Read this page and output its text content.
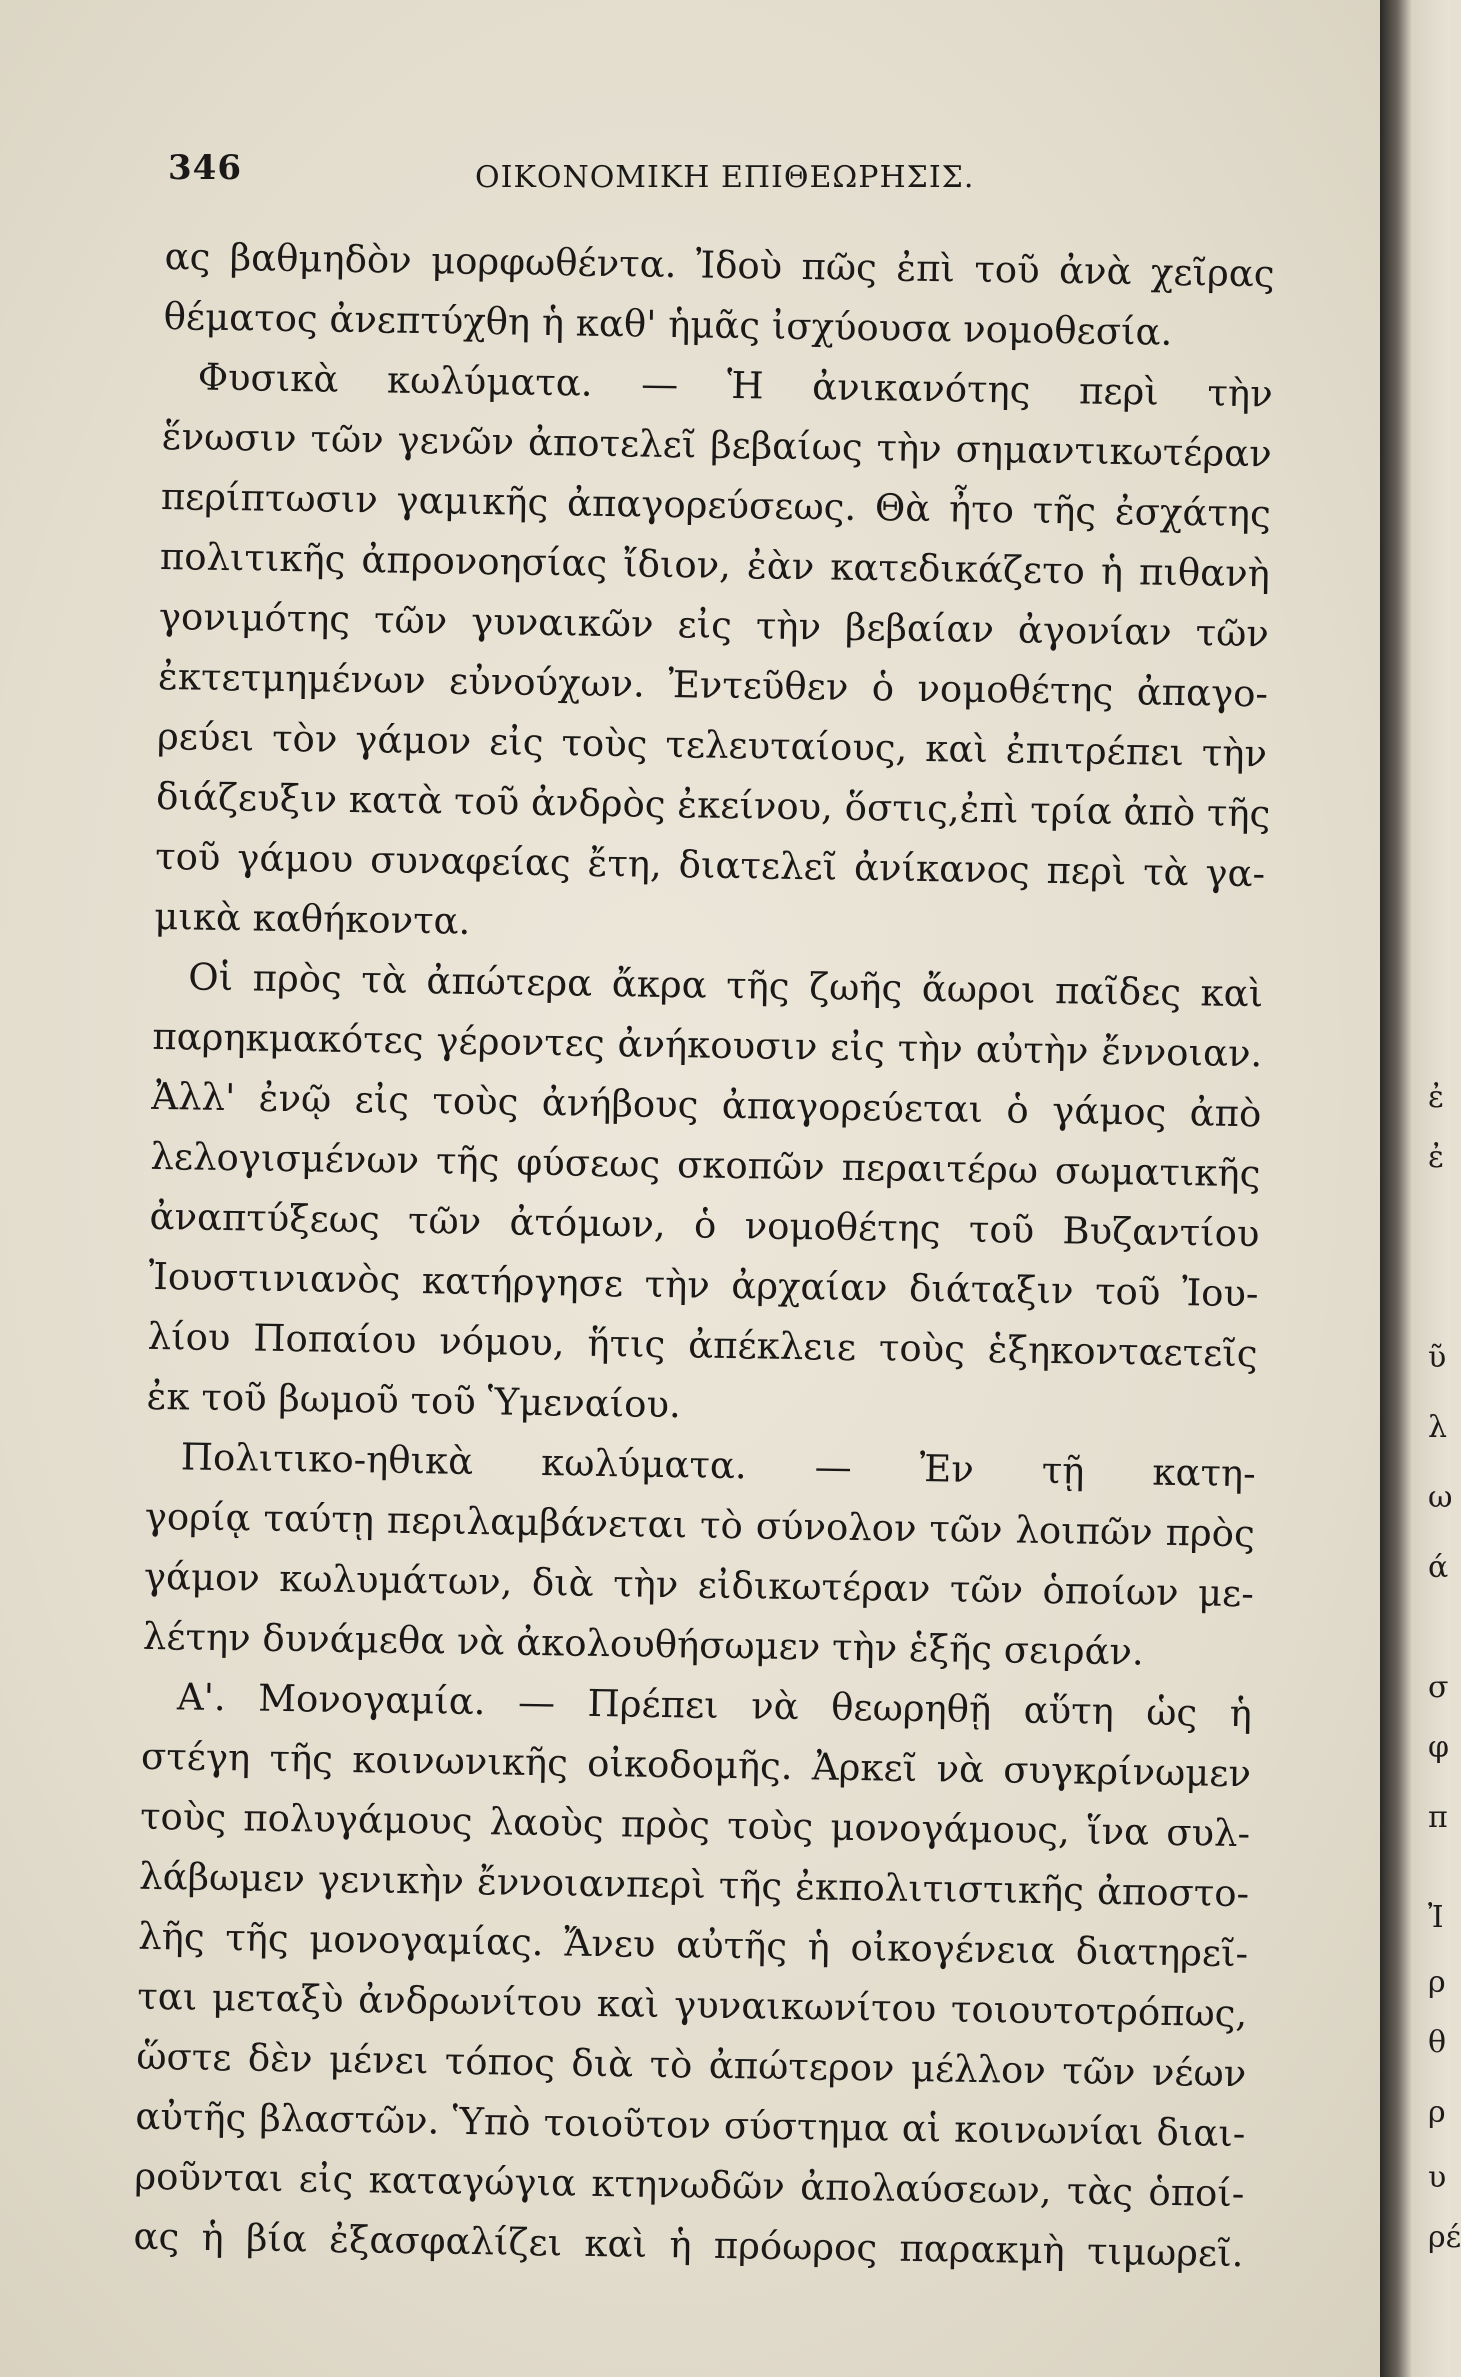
346	ΟΙΚΟΝΟΜΙΚΗ ΕΠΙΘΕΩΡΗΣΙΣ.
ας βαθμηδὸν μορφωθέντα. Ἰδοὺ πῶς ἐπὶ τοῦ ἀνὰ χεῖρας
θέματος ἀνεπτύχθη ἡ καθ' ἡμᾶς ἰσχύουσα νομοθεσία.
Φυσικὰ κωλύματα. — Ἡ ἀνικανότης περὶ τὴν
ἕνωσιν τῶν γενῶν ἀποτελεῖ βεβαίως τὴν σημαντικωτέραν
περίπτωσιν γαμικῆς ἀπαγορεύσεως. Θὰ ἦτο τῆς ἐσχάτης
πολιτικῆς ἀπρονοησίας ἴδιον, ἐὰν κατεδικάζετο ἡ πιθανὴ
γονιμότης τῶν γυναικῶν εἰς τὴν βεβαίαν ἀγονίαν τῶν
ἐκτετμημένων εὐνούχων. Ἐντεῦθεν ὁ νομοθέτης ἀπαγο-
ρεύει τὸν γάμον εἰς τοὺς τελευταίους, καὶ ἐπιτρέπει τὴν
διάζευξιν κατὰ τοῦ ἀνδρὸς ἐκείνου, ὅστις,ἐπὶ τρία ἀπὸ τῆς
τοῦ γάμου συναφείας ἔτη, διατελεῖ ἀνίκανος περὶ τὰ γα-
μικὰ καθήκοντα.
Οἱ πρὸς τὰ ἀπώτερα ἄκρα τῆς ζωῆς ἄωροι παῖδες καὶ
παρηκμακότες γέροντες ἀνήκουσιν εἰς τὴν αὐτὴν ἔννοιαν.
Ἀλλ' ἐνῷ εἰς τοὺς ἀνήβους ἀπαγορεύεται ὁ γάμος ἀπὸ
λελογισμένων τῆς φύσεως σκοπῶν περαιτέρω σωματικῆς
ἀναπτύξεως τῶν ἀτόμων, ὁ νομοθέτης τοῦ Βυζαντίου
Ἰουστινιανὸς κατήργησε τὴν ἀρχαίαν διάταξιν τοῦ Ἰου-
λίου Ποπαίου νόμου, ἥτις ἀπέκλειε τοὺς ἑξηκονταετεῖς
ἐκ τοῦ βωμοῦ τοῦ Ὑμεναίου.
Πολιτικο-ηθικὰ κωλύματα. — Ἐν τῇ κατη-
γορίᾳ ταύτῃ περιλαμβάνεται τὸ σύνολον τῶν λοιπῶν πρὸς
γάμον κωλυμάτων, διὰ τὴν εἰδικωτέραν τῶν ὁποίων με-
λέτην δυνάμεθα νὰ ἀκολουθήσωμεν τὴν ἑξῆς σειράν.
Α'. Μονογαμία. — Πρέπει νὰ θεωρηθῇ αὕτη ὡς ἡ
στέγη τῆς κοινωνικῆς οἰκοδομῆς. Ἀρκεῖ νὰ συγκρίνωμεν
τοὺς πολυγάμους λαοὺς πρὸς τοὺς μονογάμους, ἵνα συλ-
λάβωμεν γενικὴν ἔννοιανπερὶ τῆς ἐκπολιτιστικῆς ἀποστο-
λῆς τῆς μονογαμίας. Ἄνευ αὐτῆς ἡ οἰκογένεια διατηρεῖ-
ται μεταξὺ ἀνδρωνίτου καὶ γυναικωνίτου τοιουτοτρόπως,
ὥστε δὲν μένει τόπος διὰ τὸ ἀπώτερον μέλλον τῶν νέων
αὐτῆς βλαστῶν. Ὑπὸ τοιοῦτον σύστημα αἱ κοινωνίαι διαι-
ροῦνται εἰς καταγώγια κτηνωδῶν ἀπολαύσεων, τὰς ὁποί-
ας ἡ βία ἐξασφαλίζει καὶ ἡ πρόωρος παρακμὴ τιμωρεῖ.
ἐ
ἐ
ῦ
λ
ω
ά
σ
φ
π
Ἰ
ρ
θ
ρ
υ
ρέ
